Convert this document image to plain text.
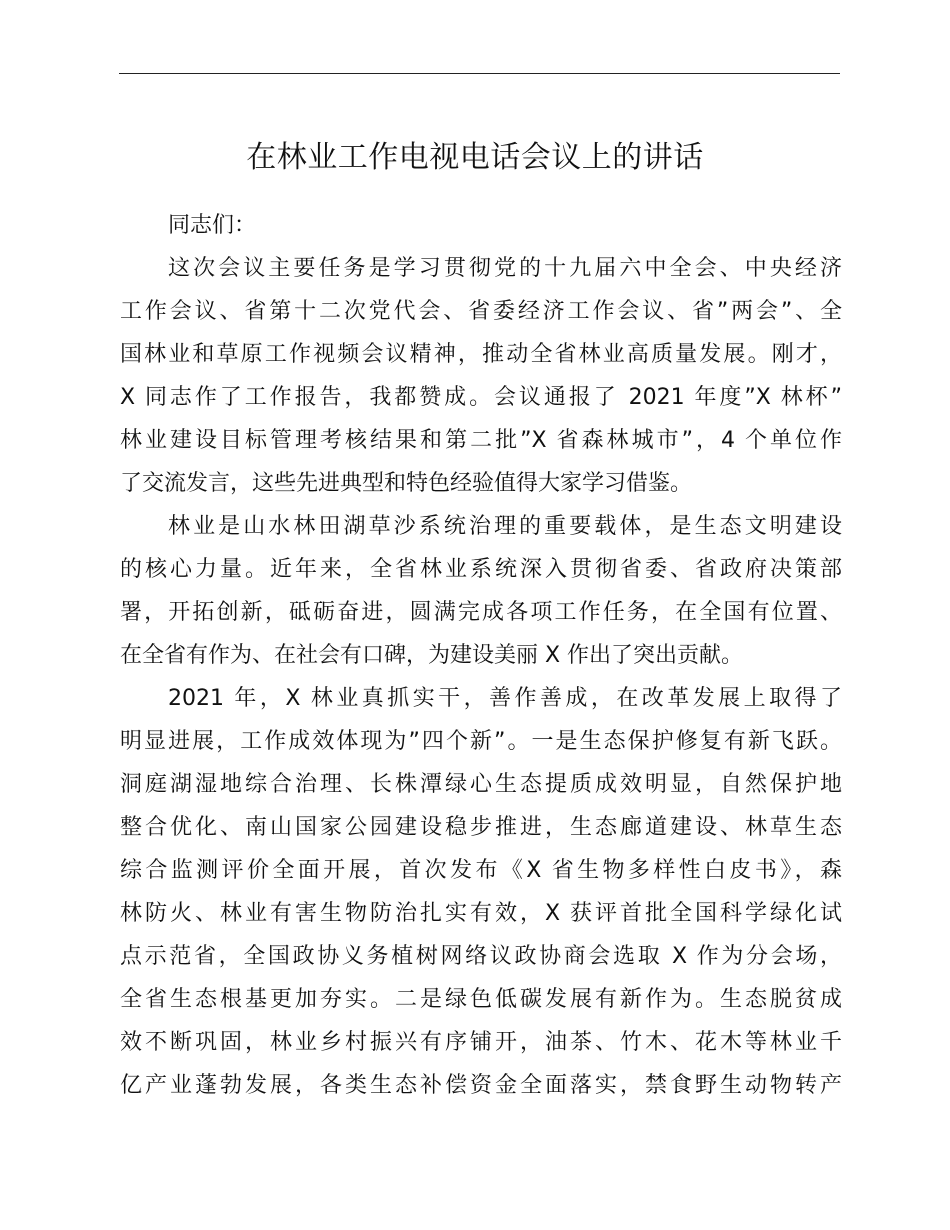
在林业工作电视电话会议上的讲话

同志们：

这次会议主要任务是学习贯彻党的十九届六中全会、中央经济
工作会议、省第十二次党代会、省委经济工作会议、省”两会”、全
国林业和草原工作视频会议精神，推动全省林业高质量发展。刚才，
X 同志作了工作报告，我都赞成。会议通报了 2021 年度”X 林杯”
林业建设目标管理考核结果和第二批”X 省森林城市”，4 个单位作
了交流发言，这些先进典型和特色经验值得大家学习借鉴。

林业是山水林田湖草沙系统治理的重要载体，是生态文明建设
的核心力量。近年来，全省林业系统深入贯彻省委、省政府决策部
署，开拓创新，砥砺奋进，圆满完成各项工作任务，在全国有位置、
在全省有作为、在社会有口碑，为建设美丽 X 作出了突出贡献。

2021 年，X 林业真抓实干，善作善成，在改革发展上取得了
明显进展，工作成效体现为”四个新”。一是生态保护修复有新飞跃。
洞庭湖湿地综合治理、长株潭绿心生态提质成效明显，自然保护地
整合优化、南山国家公园建设稳步推进，生态廊道建设、林草生态
综合监测评价全面开展，首次发布《X 省生物多样性白皮书》，森
林防火、林业有害生物防治扎实有效，X 获评首批全国科学绿化试
点示范省，全国政协义务植树网络议政协商会选取 X 作为分会场，
全省生态根基更加夯实。二是绿色低碳发展有新作为。生态脱贫成
效不断巩固，林业乡村振兴有序铺开，油茶、竹木、花木等林业千
亿产业蓬勃发展，各类生态补偿资金全面落实，禁食野生动物转产
